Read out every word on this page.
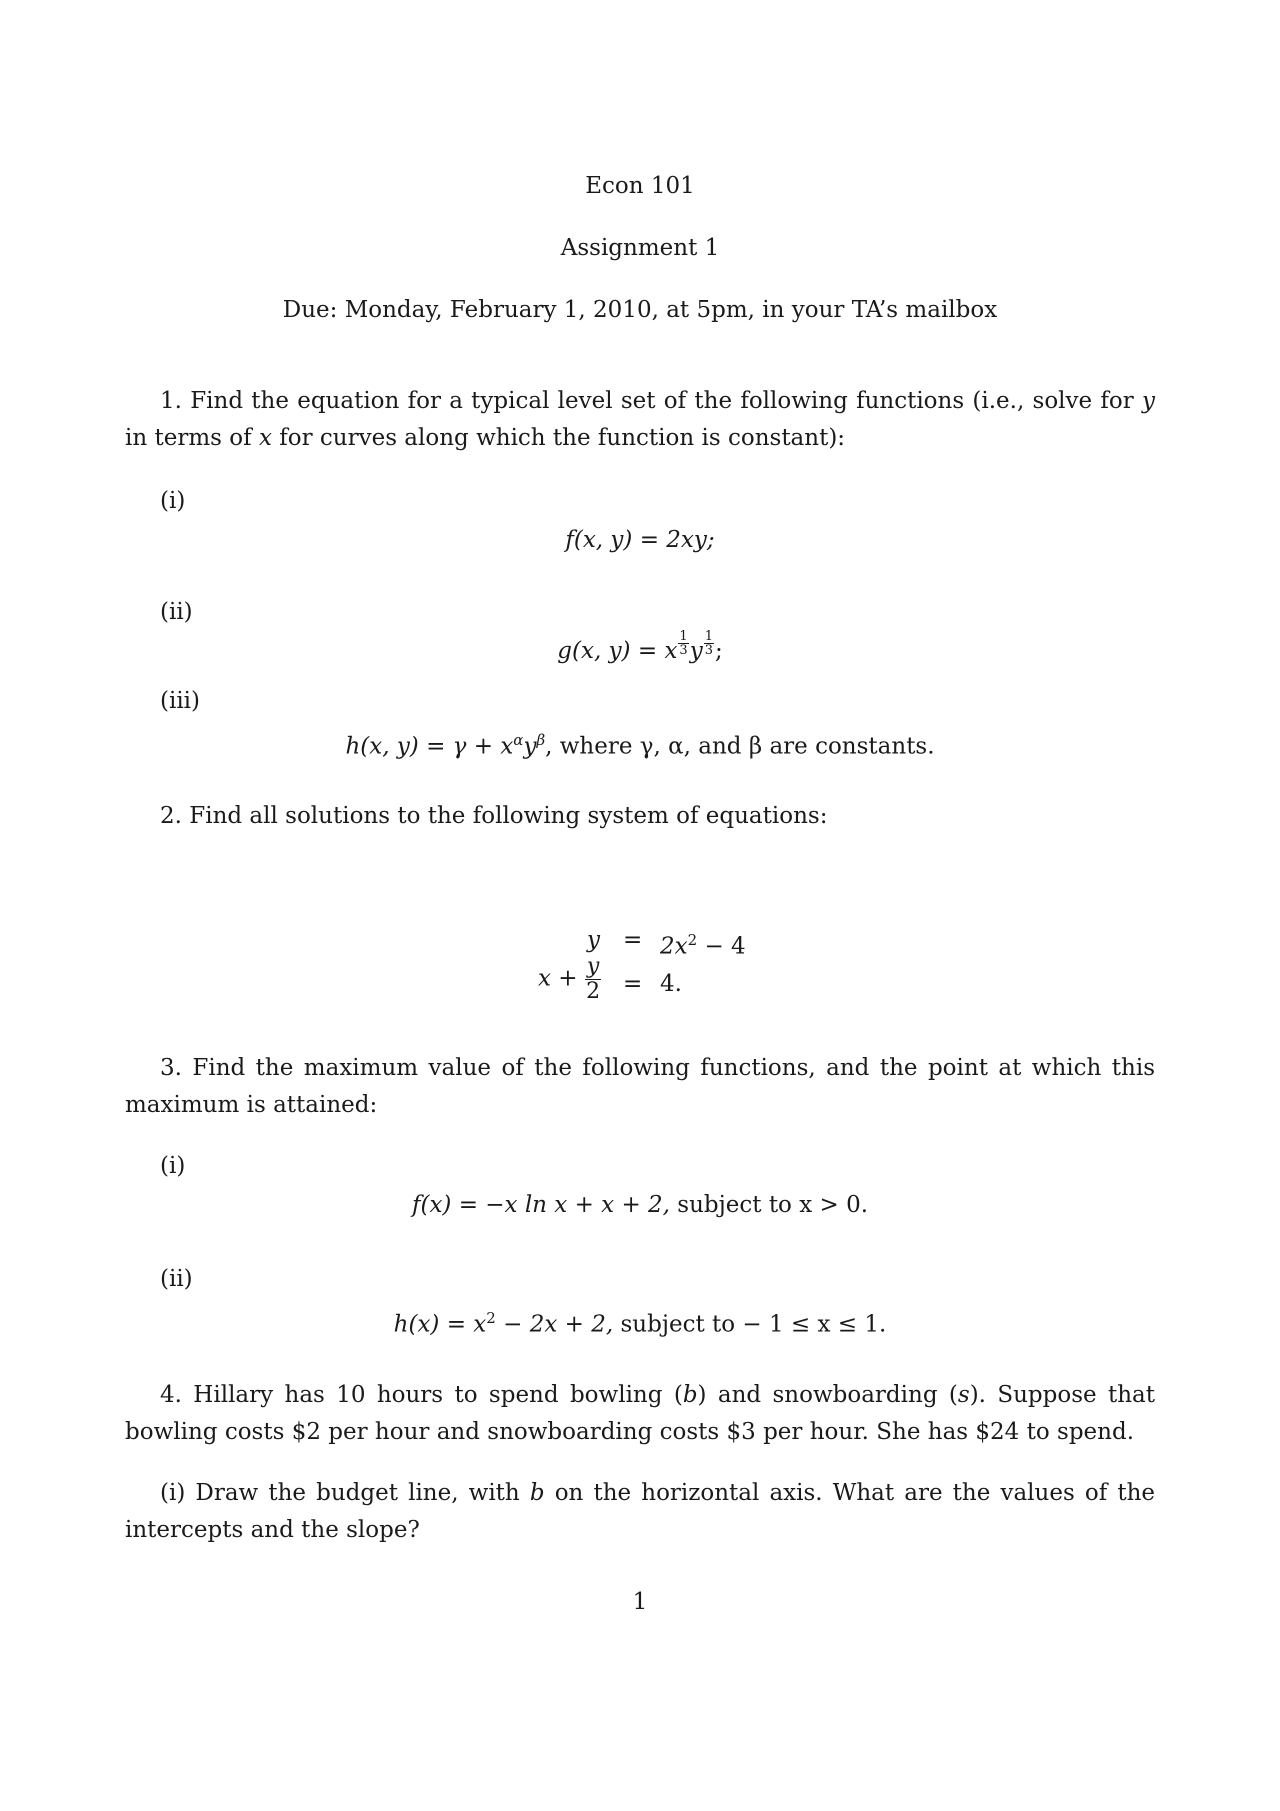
Econ 101
Assignment 1
Due: Monday, February 1, 2010, at 5pm, in your TA’s mailbox
1. Find the equation for a typical level set of the following functions (i.e., solve for y in terms of x for curves along which the function is constant):
(i)
f(x, y) = 2xy;
(ii)
g(x, y) = x $\frac{1}{3}$ y $\frac{1}{3}$ ;
(iii)
h(x, $y) = \gamma + x^\alpha y^\beta$, where γ, α, and β are constants.
2. Find all solutions to the following system of equations:
$y = 2x^2 - 4$
$x + \frac{y}{2} = 4$.
3. Find the maximum value of the following functions, and the point at which this maximum is attained:
(i)
f(x) = −x ln x + x + 2, subject to x > 0.
(ii)
$h(x) = x^2 - 2x + 2$, subject to − 1 ≤ x ≤ 1.
4. Hillary has 10 hours to spend bowling (b) and snowboarding (s). Suppose that bowling costs $2 per hour and snowboarding costs $3 per hour. She has $24 to spend.
(i) Draw the budget line, with b on the horizontal axis. What are the values of the intercepts and the slope?
1
